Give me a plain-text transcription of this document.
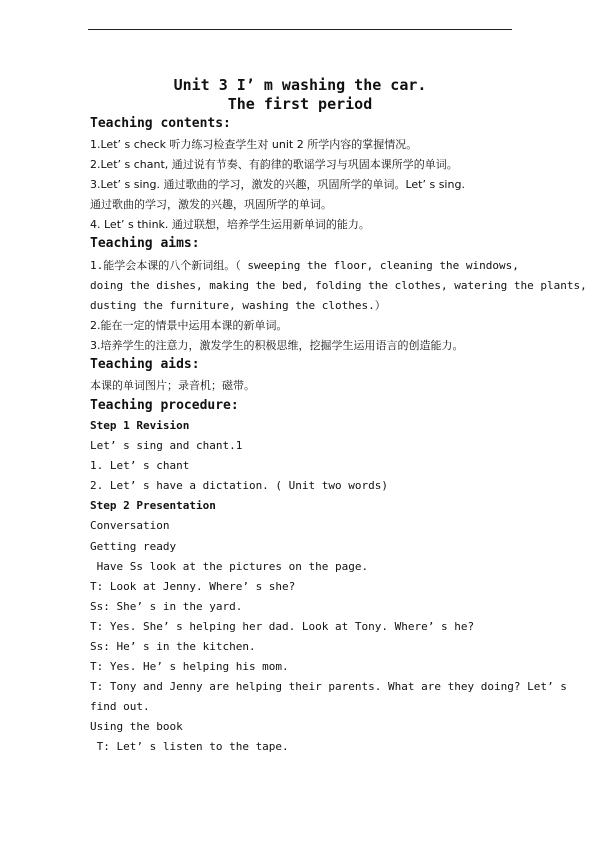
Unit 3 I’ m washing the car.
The first period
Teaching contents:
1.Let’ s check 听力练习检查学生对 unit 2 所学内容的掌握情况。
2.Let’ s chant, 通过说有节奏、有韵律的歌谣学习与巩固本课所学的单词。
3.Let’ s sing. 通过歌曲的学习，激发的兴趣，巩固所学的单词。Let’ s sing.
通过歌曲的学习，激发的兴趣，巩固所学的单词。
4. Let’ s think. 通过联想，培养学生运用新单词的能力。
Teaching aims:
1.能学会本课的八个新词组。（ sweeping the floor, cleaning the windows,
doing the dishes, making the bed, folding the clothes, watering the plants,
dusting the furniture, washing the clothes.）
2.能在一定的情景中运用本课的新单词。
3.培养学生的注意力，激发学生的积极思维，挖掘学生运用语言的创造能力。
Teaching aids:
本课的单词图片；录音机；磁带。
Teaching procedure:
Step 1 Revision
Let’ s sing and chant.1
1. Let’ s chant
2. Let’ s have a dictation. ( Unit two words)
Step 2 Presentation
Conversation
Getting ready
Have Ss look at the pictures on the page.
T: Look at Jenny. Where’ s she?
Ss: She’ s in the yard.
T: Yes. She’ s helping her dad. Look at Tony. Where’ s he?
Ss: He’ s in the kitchen.
T: Yes. He’ s helping his mom.
T: Tony and Jenny are helping their parents. What are they doing? Let’ s
find out.
Using the book
T: Let’ s listen to the tape.
